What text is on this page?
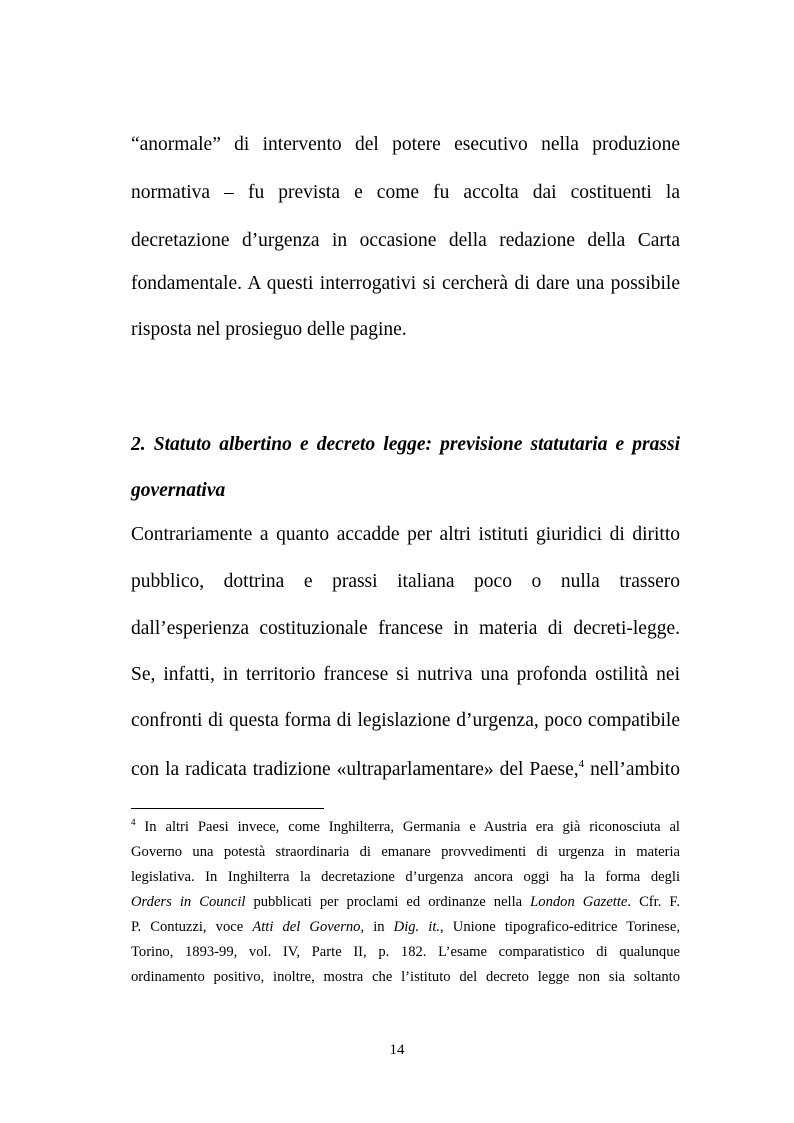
“anormale” di intervento del potere esecutivo nella produzione
normativa – fu prevista e come fu accolta dai costituenti la
decretazione d’urgenza in occasione della redazione della Carta
fondamentale. A questi interrogativi si cercherà di dare una possibile
risposta nel prosieguo delle pagine.
2. Statuto albertino e decreto legge: previsione statutaria e prassi
governativa
Contrariamente a quanto accadde per altri istituti giuridici di diritto
pubblico, dottrina e prassi italiana poco o nulla trassero
dall’esperienza costituzionale francese in materia di decreti-legge.
Se, infatti, in territorio francese si nutriva una profonda ostilità nei
confronti di questa forma di legislazione d’urgenza, poco compatibile
con la radicata tradizione «ultraparlamentare» del Paese,$^4$ nell’ambito
$^4$ In altri Paesi invece, come Inghilterra, Germania e Austria era già riconosciuta al
Governo una potestà straordinaria di emanare provvedimenti di urgenza in materia
legislativa. In Inghilterra la decretazione d’urgenza ancora oggi ha la forma degli
Orders in Council pubblicati per proclami ed ordinanze nella London Gazette. Cfr. F.
P. Contuzzi, voce Atti del Governo, in Dig. it., Unione tipografico-editrice Torinese,
Torino, 1893-99, vol. IV, Parte II, p. 182. L’esame comparatistico di qualunque
ordinamento positivo, inoltre, mostra che l’istituto del decreto legge non sia soltanto
14
